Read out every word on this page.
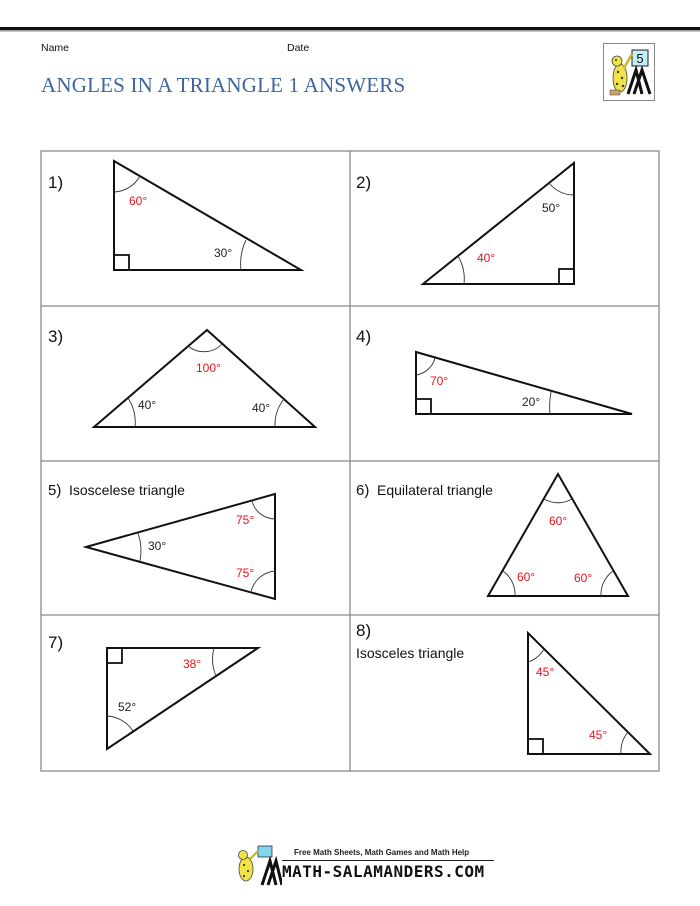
Name	Date
ANGLES IN A TRIANGLE 1 ANSWERS
5
1)
60°
30°
2)
50°
40°
3)
100°
40°	40°
4)
70°
20°
5) Isoscelese triangle
30°
75°
75°
6) Equilateral triangle
60°
60°	60°
7)
38°
52°
8)
Isosceles triangle
45°
45°
Free Math Sheets, Math Games and Math Help
MATH-SALAMANDERS.COM
